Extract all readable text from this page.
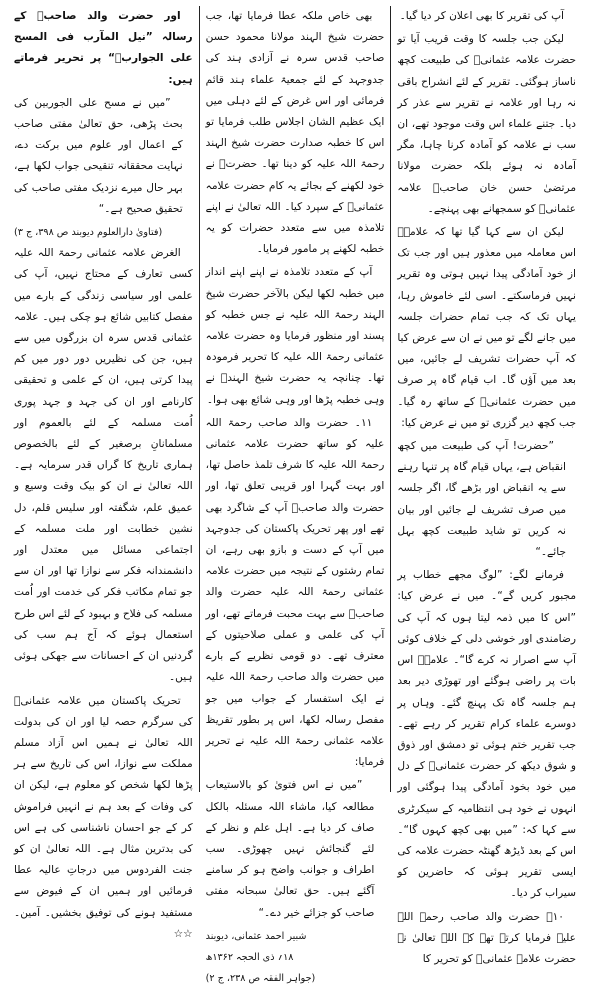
آپ کی تقریر کا بھی اعلان کر دیا گیا۔

لیکن جب جلسہ کا وقت قریب آیا تو حضرت علامہ عثمانیؒ کی طبیعت کچھ ناساز ہوگئی۔ تقریر کے لئے انشراح باقی نہ رہا اور علامہ نے تقریر سے عذر کر دیا۔ جتنے علماء اس وقت موجود تھے، ان سب نے علامہ کو آمادہ کرنا چاہا، مگر آمادہ نہ ہوئے بلکہ حضرت مولانا مرتضیٰ حسن خان صاحبؒ علامہ عثمانیؒ کو سمجھانے بھی پہنچے۔

لیکن ان سے کہا گیا تھا کہ علامہؒ اس معاملہ میں معذور ہیں اور جب تک از خود آمادگی پیدا نہیں ہوتی وہ تقریر نہیں فرماسکتے۔ اسی لئے خاموش رہا، یہاں تک کہ جب تمام حضرات جلسہ میں جانے لگے تو میں نے ان سے عرض کیا کہ آپ حضرات تشریف لے جائیں، میں بعد میں آؤں گا۔ اب قیام گاہ پر صرف میں حضرت عثمانیؒ کے ساتھ رہ گیا۔ جب کچھ دیر گزری تو میں نے عرض کیا:

”حضرت! آپ کی طبیعت میں کچھ انقباض ہے، یہاں قیام گاہ پر تنہا رہنے سے یہ انقباض اور بڑھے گا، اگر جلسہ میں صرف تشریف لے جائیں اور بیان نہ کریں تو شاید طبیعت کچھ بہل جائے۔“

فرمانے لگے: ”لوگ مجھے خطاب پر مجبور کریں گے“۔ میں نے عرض کیا: ”اس کا میں ذمہ لیتا ہوں کہ آپ کی رضامندی اور خوشی دلی کے خلاف کوئی آپ سے اصرار نہ کرے گا“۔ علامہؒ اس بات پر راضی ہوگئے اور تھوڑی دیر بعد ہم جلسہ گاہ تک پہنچ گئے۔ وہاں پر دوسرے علماء کرام تقریر کر رہے تھے۔ جب تقریر ختم ہوئی تو دمشق اور ذوق و شوق دیکھ کر حضرت عثمانیؒ کے دل میں خود بخود آمادگی پیدا ہوگئی اور انہوں نے خود ہی انتظامیہ کے سیکرٹری سے کہا کہ: ”میں بھی کچھ کہوں گا“۔ اس کے بعد ڈیڑھ گھنٹہ حضرت علامہ کی ایسی تقریر ہوئی کہ حاضرین کو سیراب کر دیا۔

۱۰۔ حضرت والد صاحب رحمۃ اللہ علیہ فرمایا کرتے تھے کہ اللہ تعالیٰ نے حضرت علامہ عثمانیؒ کو تحریر کا

بھی خاص ملکہ عطا فرمایا تھا، جب حضرت شیخ الہند مولانا محمود حسن صاحب قدس سرہ نے آزادی ہند کی جدوجہد کے لئے جمعیۃ علماء ہند قائم فرمائی اور اس غرض کے لئے دہلی میں ایک عظیم الشان اجلاس طلب فرمایا تو اس کا خطبہ صدارت حضرت شیخ الہند رحمۃ اللہ علیہ کو دینا تھا۔ حضرتؒ نے خود لکھنے کے بجائے یہ کام حضرت علامہ عثمانیؒ کے سپرد کیا۔ اللہ تعالیٰ نے اپنے تلامذہ میں سے متعدد حضرات کو یہ خطبہ لکھنے پر مامور فرمایا۔

آپ کے متعدد تلامذہ نے اپنے اپنے انداز میں خطبہ لکھا لیکن بالآخر حضرت شیخ الہند رحمۃ اللہ علیہ نے جس خطبہ کو پسند اور منظور فرمایا وہ حضرت علامہ عثمانی رحمۃ اللہ علیہ کا تحریر فرمودہ تھا۔ چنانچہ یہ حضرت شیخ الہندؒ نے وہی خطبہ پڑھا اور وہی شائع بھی ہوا۔

۱۱۔ حضرت والد صاحب رحمۃ اللہ علیہ کو ساتھ حضرت علامہ عثمانی رحمۃ اللہ علیہ کا شرف تلمذ حاصل تھا، اور بہت گہرا اور قریبی تعلق تھا، اور حضرت والد صاحبؒ آپ کے شاگرد بھی تھے اور پھر تحریک پاکستان کی جدوجہد میں آپ کے دست و بازو بھی رہے، ان تمام رشتوں کے نتیجہ میں حضرت علامہ عثمانی رحمۃ اللہ علیہ حضرت والد صاحبؒ سے بہت محبت فرماتے تھے، اور آپ کی علمی و عملی صلاحیتوں کے معترف تھے۔ دو قومی نظریے کے بارے میں حضرت والد صاحب رحمۃ اللہ علیہ نے ایک استفسار کے جواب میں جو مفصل رسالہ لکھا، اس پر بطور تقریظ علامہ عثمانی رحمۃ اللہ علیہ نے تحریر فرمایا:

”میں نے اس فتویٰ کو بالاستیعاب مطالعہ کیا، ماشاء اللہ مسئلہ بالکل صاف کر دیا ہے۔ اہل علم و نظر کے لئے گنجائش نہیں چھوڑی۔ سب اطراف و جوانب واضح ہو کر سامنے آگئے ہیں۔ حق تعالیٰ سبحانہ مفتی صاحب کو جزائے خیر دے۔“

شبیر احمد عثمانی، دیوبند
۱۸؍ ذی الحجہ ۱۳۶۲ھ
(جواہر الفقہ ص ۲۳۸، ج ۲)

اور حضرت والد صاحبؒ کے رسالہ ”نیل المآرب فی المسح علی الجواربؒ“ پر تحریر فرماتے ہیں:

”میں نے مسح علی الجوربین کی بحث پڑھی، حق تعالیٰ مفتی صاحب کے اعمال اور علوم میں برکت دے، نہایت محققانہ تنقیحی جواب لکھا ہے، بہر حال میرے نزدیک مفتی صاحب کی تحقیق صحیح ہے۔“

(فتاویٰ دارالعلوم دیوبند ص ۳۹۸، ج ۳)

الغرض علامہ عثمانی رحمۃ اللہ علیہ کسی تعارف کے محتاج نہیں، آپ کی علمی اور سیاسی زندگی کے بارے میں مفصل کتابیں شائع ہو چکی ہیں۔ علامہ عثمانی قدس سرہ ان بزرگوں میں سے ہیں، جن کی نظیریں دور دور میں کم پیدا کرتی ہیں، ان کے علمی و تحقیقی کارنامے اور ان کی جہد و جہد پوری اُمت مسلمہ کے لئے بالعموم اور مسلمانانِ برصغیر کے لئے بالخصوص ہماری تاریخ کا گراں قدر سرمایہ ہے۔ اللہ تعالیٰ نے ان کو بیک وقت وسیع و عمیق علم، شگفتہ اور سلیس قلم، دل نشین خطابت اور ملت مسلمہ کے اجتماعی مسائل میں معتدل اور دانشمندانہ فکر سے نوازا تھا اور ان سے جو تمام مکاتب فکر کی خدمت اور اُمت مسلمہ کی فلاح و بہبود کے لئے اس طرح استعمال ہوئے کہ آج ہم سب کی گردنیں ان کے احسانات سے جھکی ہوئی ہیں۔

تحریک پاکستان میں علامہ عثمانیؒ کی سرگرم حصہ لیا اور ان کی بدولت اللہ تعالیٰ نے ہمیں اس آزاد مسلم مملکت سے نوازا، اس کی تاریخ سے ہر پڑھا لکھا شخص کو معلوم ہے، لیکن ان کی وفات کے بعد ہم نے انہیں فراموش کر کے جو احسان ناشناسی کی ہے اس کی بدترین مثال ہے۔ اللہ تعالیٰ ان کو جنت الفردوس میں درجاتِ عالیہ عطا فرمائیں اور ہمیں ان کے فیوض سے مستفید ہونے کی توفیق بخشیں۔ آمین۔ ☆☆
